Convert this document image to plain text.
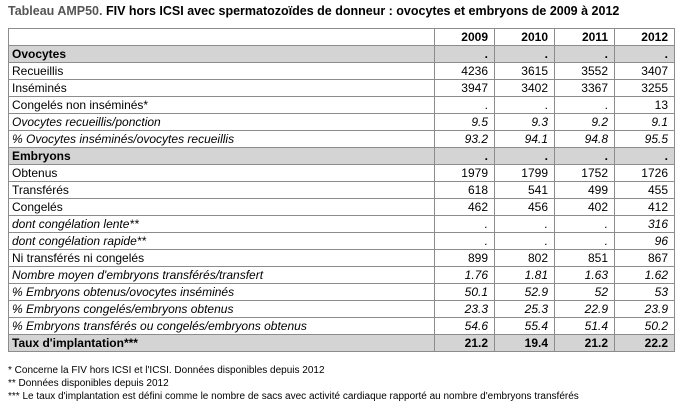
Tableau AMP50. FIV hors ICSI avec spermatozoïdes de donneur : ovocytes et embryons de 2009 à 2012
	2009	2010	2011	2012
Ovocytes	.	.	.	.
Recueillis	4236	3615	3552	3407
Inséminés	3947	3402	3367	3255
Congelés non inséminés*	.	.	.	13
Ovocytes recueillis/ponction	9.5	9.3	9.2	9.1
% Ovocytes inséminés/ovocytes recueillis	93.2	94.1	94.8	95.5
Embryons	.	.	.	.
Obtenus	1979	1799	1752	1726
Transférés	618	541	499	455
Congelés	462	456	402	412
dont congélation lente**	.	.	.	316
dont congélation rapide**	.	.	.	96
Ni transférés ni congelés	899	802	851	867
Nombre moyen d'embryons transférés/transfert	1.76	1.81	1.63	1.62
% Embryons obtenus/ovocytes inséminés	50.1	52.9	52	53
% Embryons congelés/embryons obtenus	23.3	25.3	22.9	23.9
% Embryons transférés ou congelés/embryons obtenus	54.6	55.4	51.4	50.2
Taux d'implantation***	21.2	19.4	21.2	22.2
* Concerne la FIV hors ICSI et l'ICSI. Données disponibles depuis 2012
** Données disponibles depuis 2012
*** Le taux d'implantation est défini comme le nombre de sacs avec activité cardiaque rapporté au nombre d'embryons transférés
